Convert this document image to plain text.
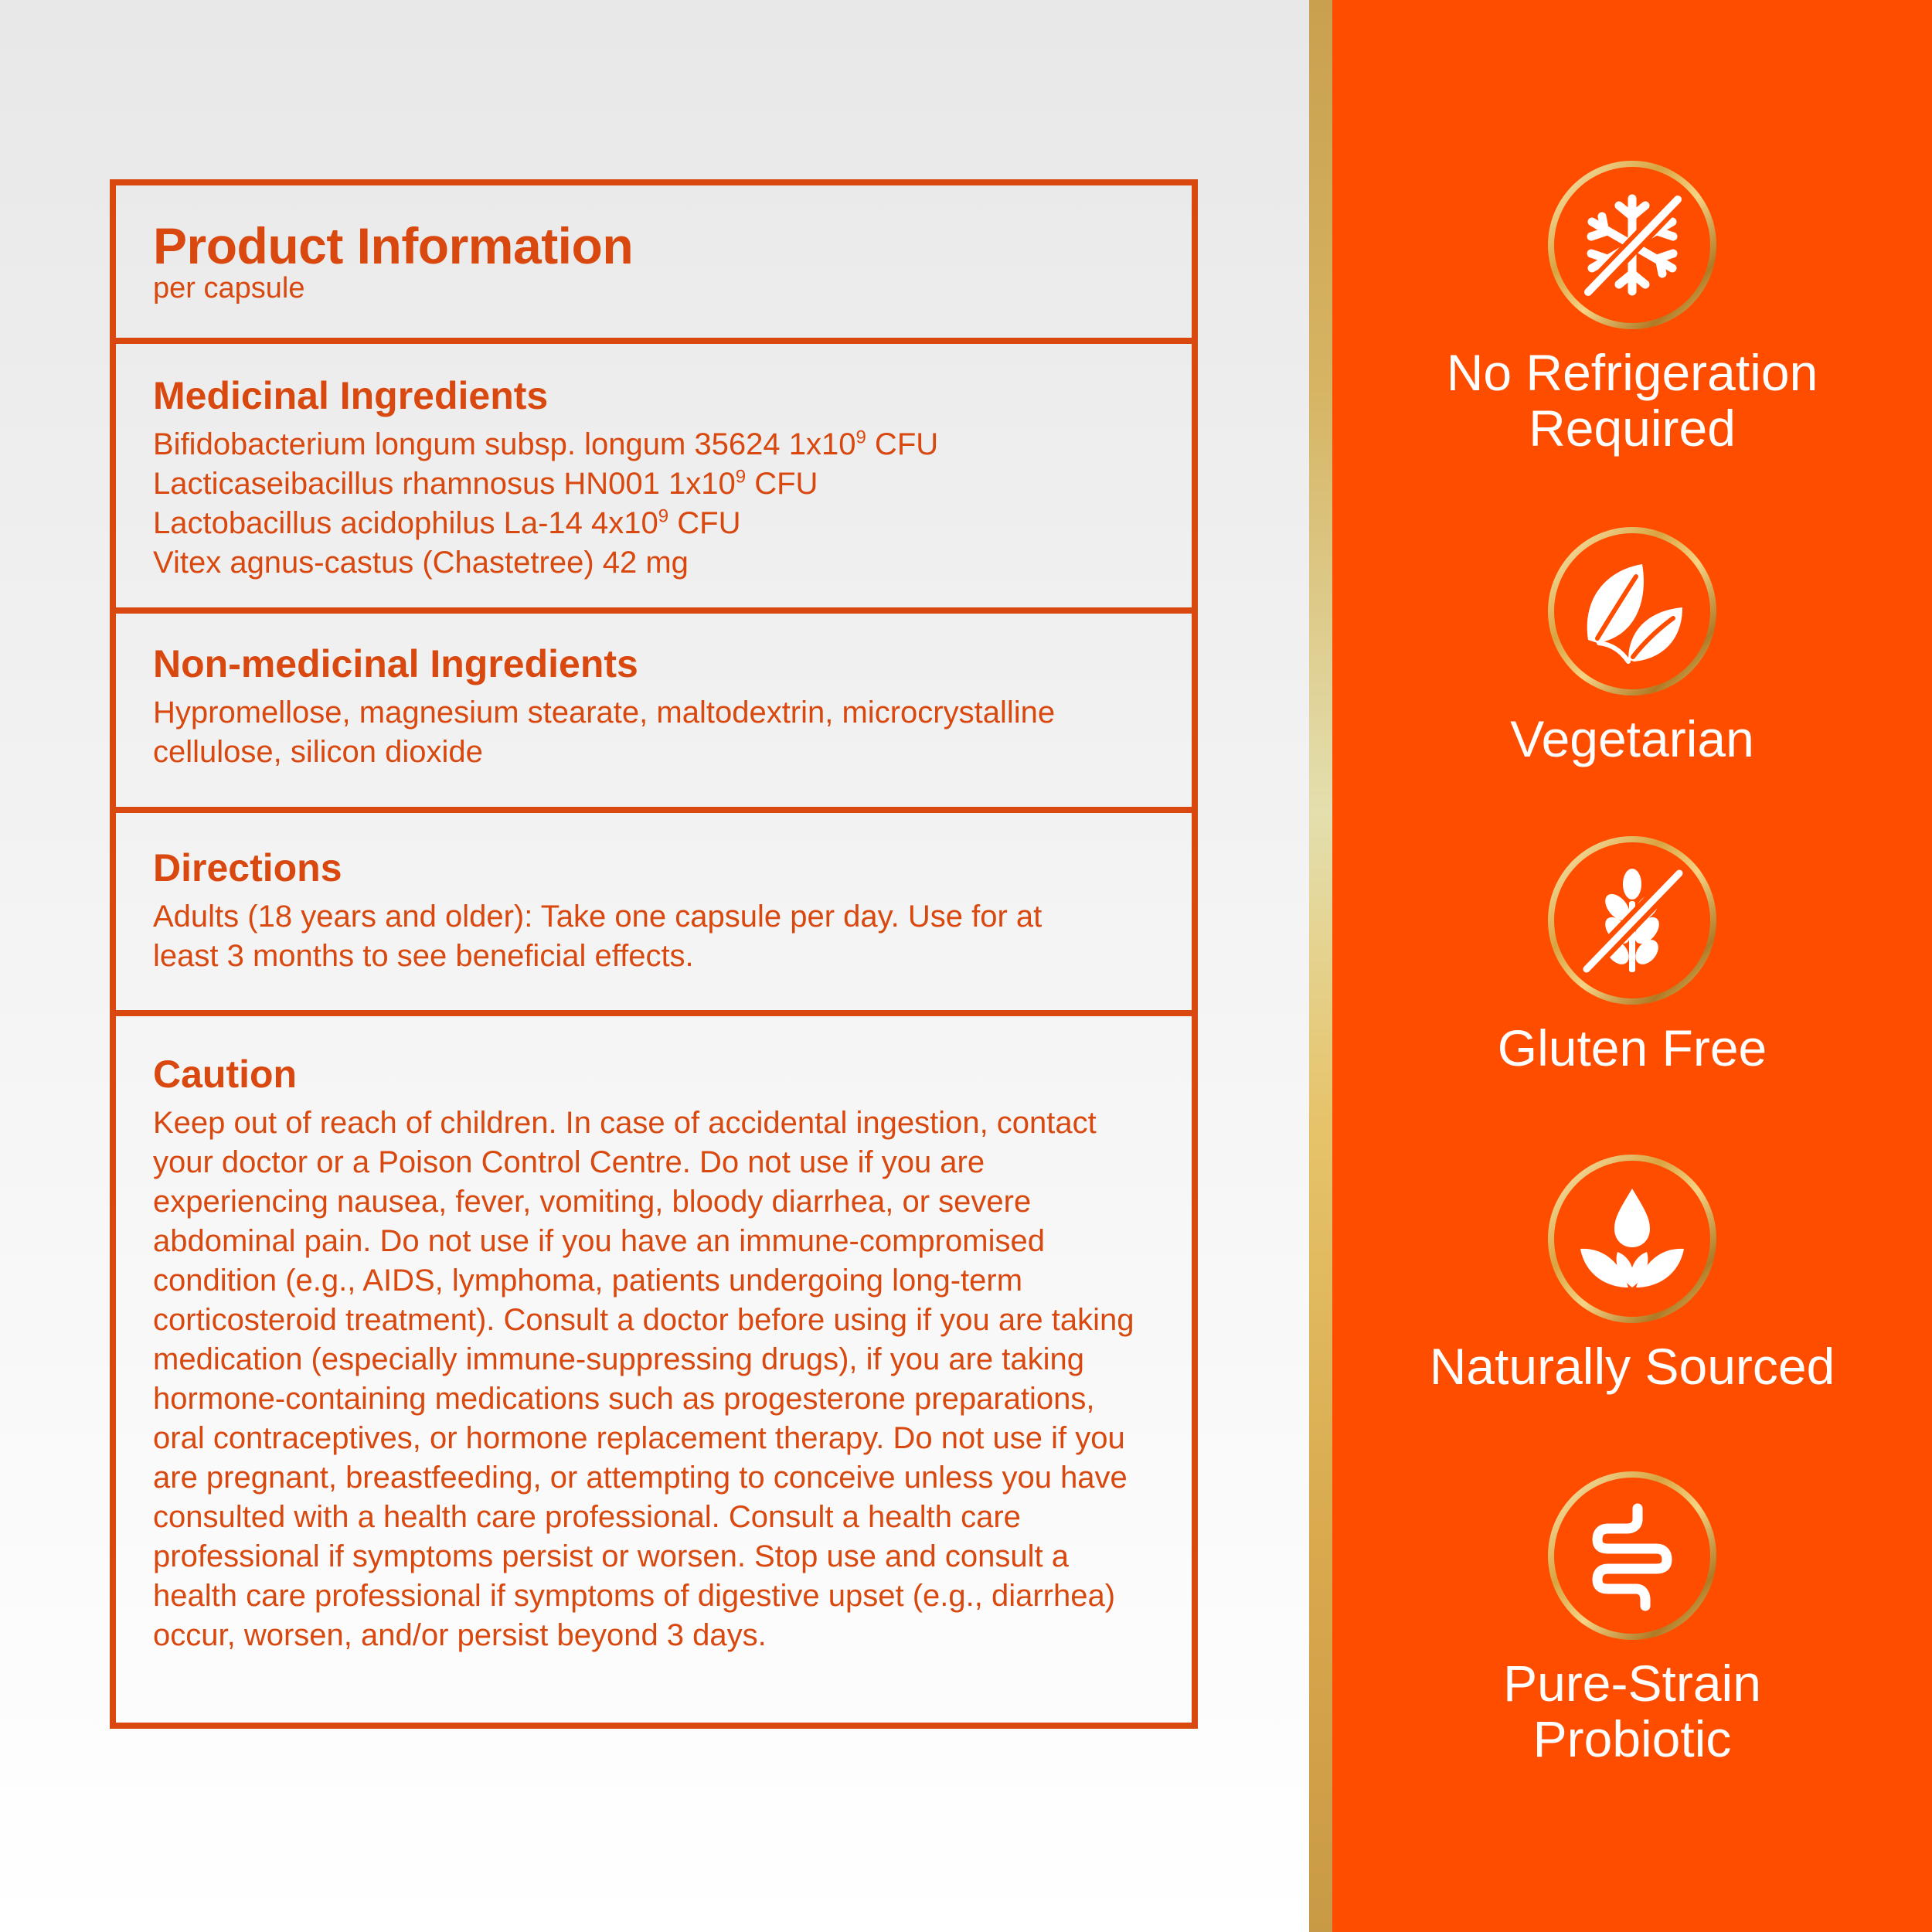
Product Information
per capsule
Medicinal Ingredients
Bifidobacterium longum subsp. longum 35624 $1x10^9$ CFU
Lacticaseibacillus rhamnosus HN001 $1x10^9$ CFU
Lactobacillus acidophilus La-14 $4x10^9$ CFU
Vitex agnus-castus (Chastetree) 42 mg
Non-medicinal Ingredients
Hypromellose, magnesium stearate, maltodextrin, microcrystalline cellulose, silicon dioxide
Directions
Adults (18 years and older): Take one capsule per day. Use for at least 3 months to see beneficial effects.
Caution
Keep out of reach of children. In case of accidental ingestion, contact your doctor or a Poison Control Centre. Do not use if you are experiencing nausea, fever, vomiting, bloody diarrhea, or severe abdominal pain. Do not use if you have an immune-compromised condition (e.g., AIDS, lymphoma, patients undergoing long-term corticosteroid treatment). Consult a doctor before using if you are taking medication (especially immune-suppressing drugs), if you are taking hormone-containing medications such as progesterone preparations, oral contraceptives, or hormone replacement therapy. Do not use if you are pregnant, breastfeeding, or attempting to conceive unless you have consulted with a health care professional. Consult a health care professional if symptoms persist or worsen. Stop use and consult a health care professional if symptoms of digestive upset (e.g., diarrhea) occur, worsen, and/or persist beyond 3 days.
No Refrigeration
Required
Vegetarian
Gluten Free
Naturally Sourced
Pure-Strain
Probiotic
